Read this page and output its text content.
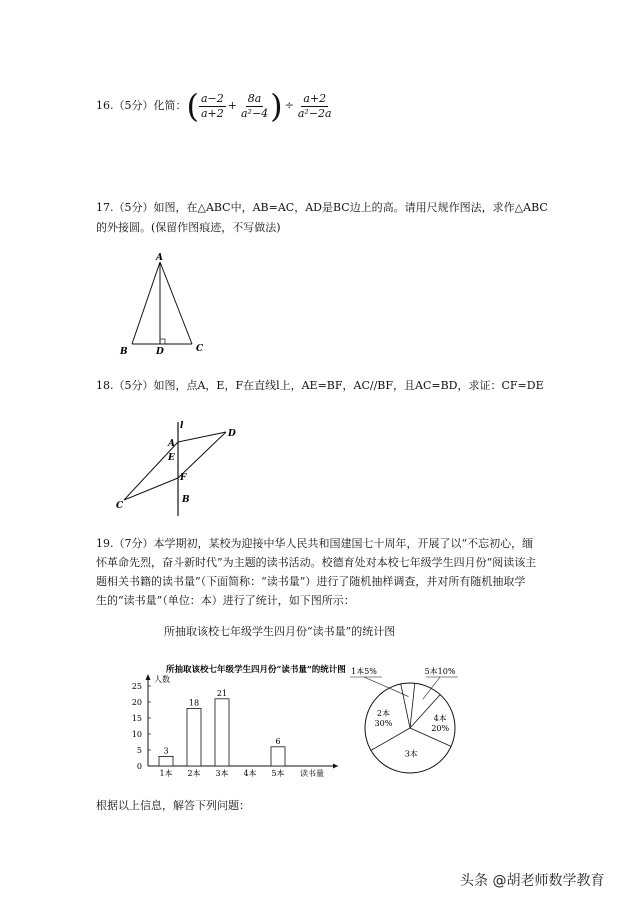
16.（5分）化简： ( $\frac{a-2}{a+2} + \frac{8a}{\text{a²−4}}$ ) ÷ $\frac{a+2}{\text{a²−2a}}$
17.（5分）如图，在△ABC中，AB=AC，AD是BC边上的高。请用尺规作图法，求作△ABC
的外接圆。(保留作图痕迹，不写做法)
A
B	D	C
18.（5分）如图，点A，E，F在直线l上，AE=BF，AC//BF，且AC=BD，求证：CF=DE
l
A
E
F
B
C
D
19.（7分）本学期初，某校为迎接中华人民共和国建国七十周年，开展了以“不忘初心，缅
怀革命先烈，奋斗新时代”为主题的读书活动。校德育处对本校七年级学生四月份“阅读该主
题相关书籍的读书量”（下面简称：“读书量”）进行了随机抽样调查，并对所有随机抽取学
生的“读书量”（单位：本）进行了统计，如下图所示：
所抽取该校七年级学生四月份“读书量”的统计图
所抽取该校七年级学生四月份“读书量”的统计图
人数
0
5
10
15
20
25
3
1本
18
2本
21
3本 4本
6
5本 读书量
2本
30%
4本
20%
3本
1本5%	5本10%
根据以上信息，解答下列问题：
头条 @胡老师数学教育
